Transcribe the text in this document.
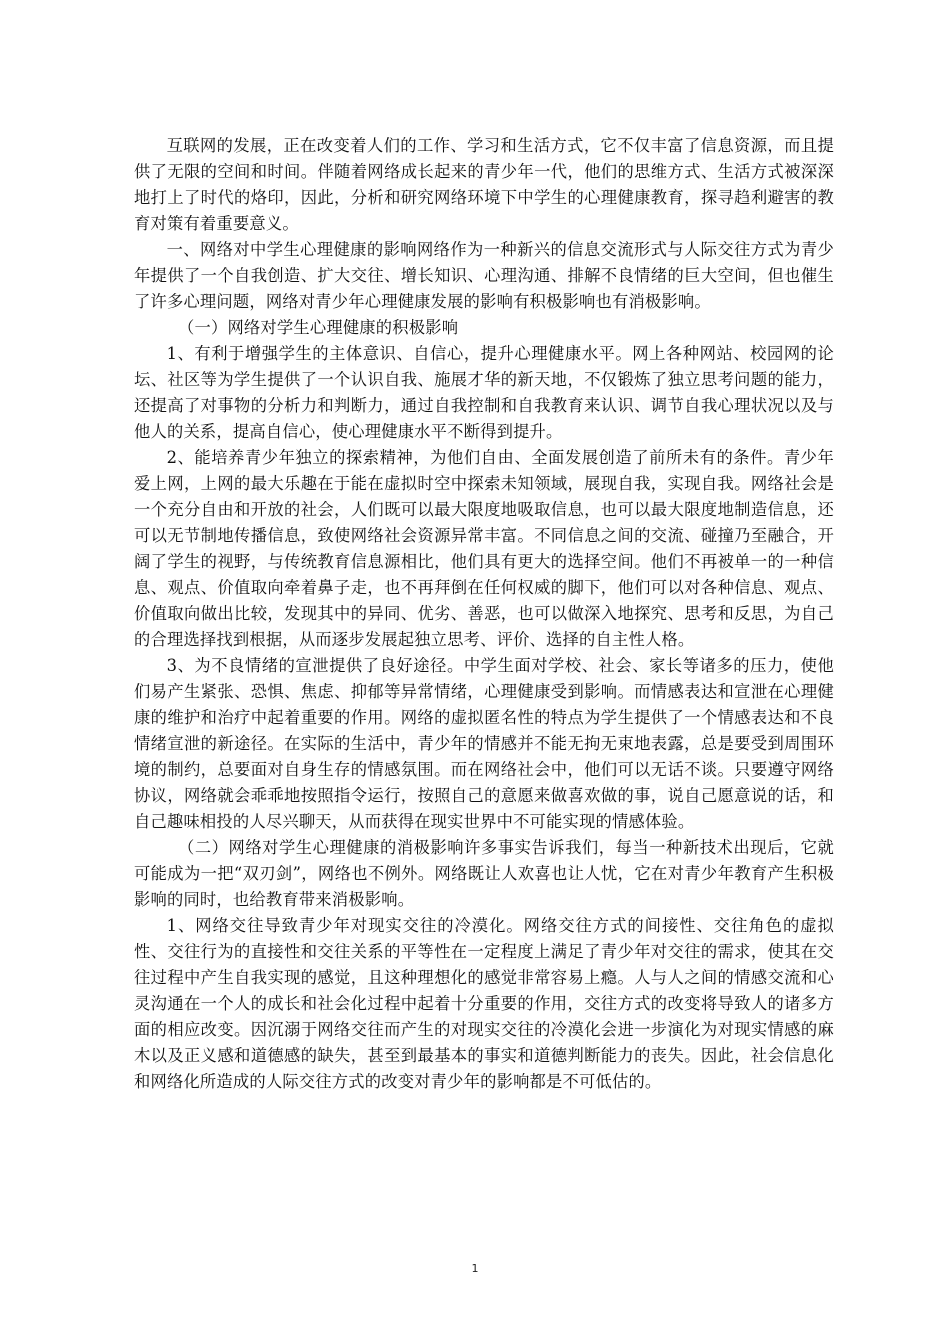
互联网的发展，正在改变着人们的工作、学习和生活方式，它不仅丰富了信息资源，而且提供了无限的空间和时间。伴随着网络成长起来的青少年一代，他们的思维方式、生活方式被深深地打上了时代的烙印，因此，分析和研究网络环境下中学生的心理健康教育，探寻趋利避害的教育对策有着重要意义。

一、网络对中学生心理健康的影响网络作为一种新兴的信息交流形式与人际交往方式为青少年提供了一个自我创造、扩大交往、增长知识、心理沟通、排解不良情绪的巨大空间，但也催生了许多心理问题，网络对青少年心理健康发展的影响有积极影响也有消极影响。

（一）网络对学生心理健康的积极影响

1、有利于增强学生的主体意识、自信心，提升心理健康水平。网上各种网站、校园网的论坛、社区等为学生提供了一个认识自我、施展才华的新天地，不仅锻炼了独立思考问题的能力，还提高了对事物的分析力和判断力，通过自我控制和自我教育来认识、调节自我心理状况以及与他人的关系，提高自信心，使心理健康水平不断得到提升。

2、能培养青少年独立的探索精神，为他们自由、全面发展创造了前所未有的条件。青少年爱上网，上网的最大乐趣在于能在虚拟时空中探索未知领域，展现自我，实现自我。网络社会是一个充分自由和开放的社会，人们既可以最大限度地吸取信息，也可以最大限度地制造信息，还可以无节制地传播信息，致使网络社会资源异常丰富。不同信息之间的交流、碰撞乃至融合，开阔了学生的视野，与传统教育信息源相比，他们具有更大的选择空间。他们不再被单一的一种信息、观点、价值取向牵着鼻子走，也不再拜倒在任何权威的脚下，他们可以对各种信息、观点、价值取向做出比较，发现其中的异同、优劣、善恶，也可以做深入地探究、思考和反思，为自己的合理选择找到根据，从而逐步发展起独立思考、评价、选择的自主性人格。

3、为不良情绪的宣泄提供了良好途径。中学生面对学校、社会、家长等诸多的压力，使他们易产生紧张、恐惧、焦虑、抑郁等异常情绪，心理健康受到影响。而情感表达和宣泄在心理健康的维护和治疗中起着重要的作用。网络的虚拟匿名性的特点为学生提供了一个情感表达和不良情绪宣泄的新途径。在实际的生活中，青少年的情感并不能无拘无束地表露，总是要受到周围环境的制约，总要面对自身生存的情感氛围。而在网络社会中，他们可以无话不谈。只要遵守网络协议，网络就会乖乖地按照指令运行，按照自己的意愿来做喜欢做的事，说自己愿意说的话，和自己趣味相投的人尽兴聊天，从而获得在现实世界中不可能实现的情感体验。

（二）网络对学生心理健康的消极影响许多事实告诉我们，每当一种新技术出现后，它就可能成为一把“双刃剑”，网络也不例外。网络既让人欢喜也让人忧，它在对青少年教育产生积极影响的同时，也给教育带来消极影响。

1、网络交往导致青少年对现实交往的冷漠化。网络交往方式的间接性、交往角色的虚拟性、交往行为的直接性和交往关系的平等性在一定程度上满足了青少年对交往的需求，使其在交往过程中产生自我实现的感觉，且这种理想化的感觉非常容易上瘾。人与人之间的情感交流和心灵沟通在一个人的成长和社会化过程中起着十分重要的作用，交往方式的改变将导致人的诸多方面的相应改变。因沉溺于网络交往而产生的对现实交往的冷漠化会进一步演化为对现实情感的麻木以及正义感和道德感的缺失，甚至到最基本的事实和道德判断能力的丧失。因此，社会信息化和网络化所造成的人际交往方式的改变对青少年的影响都是不可低估的。

1
